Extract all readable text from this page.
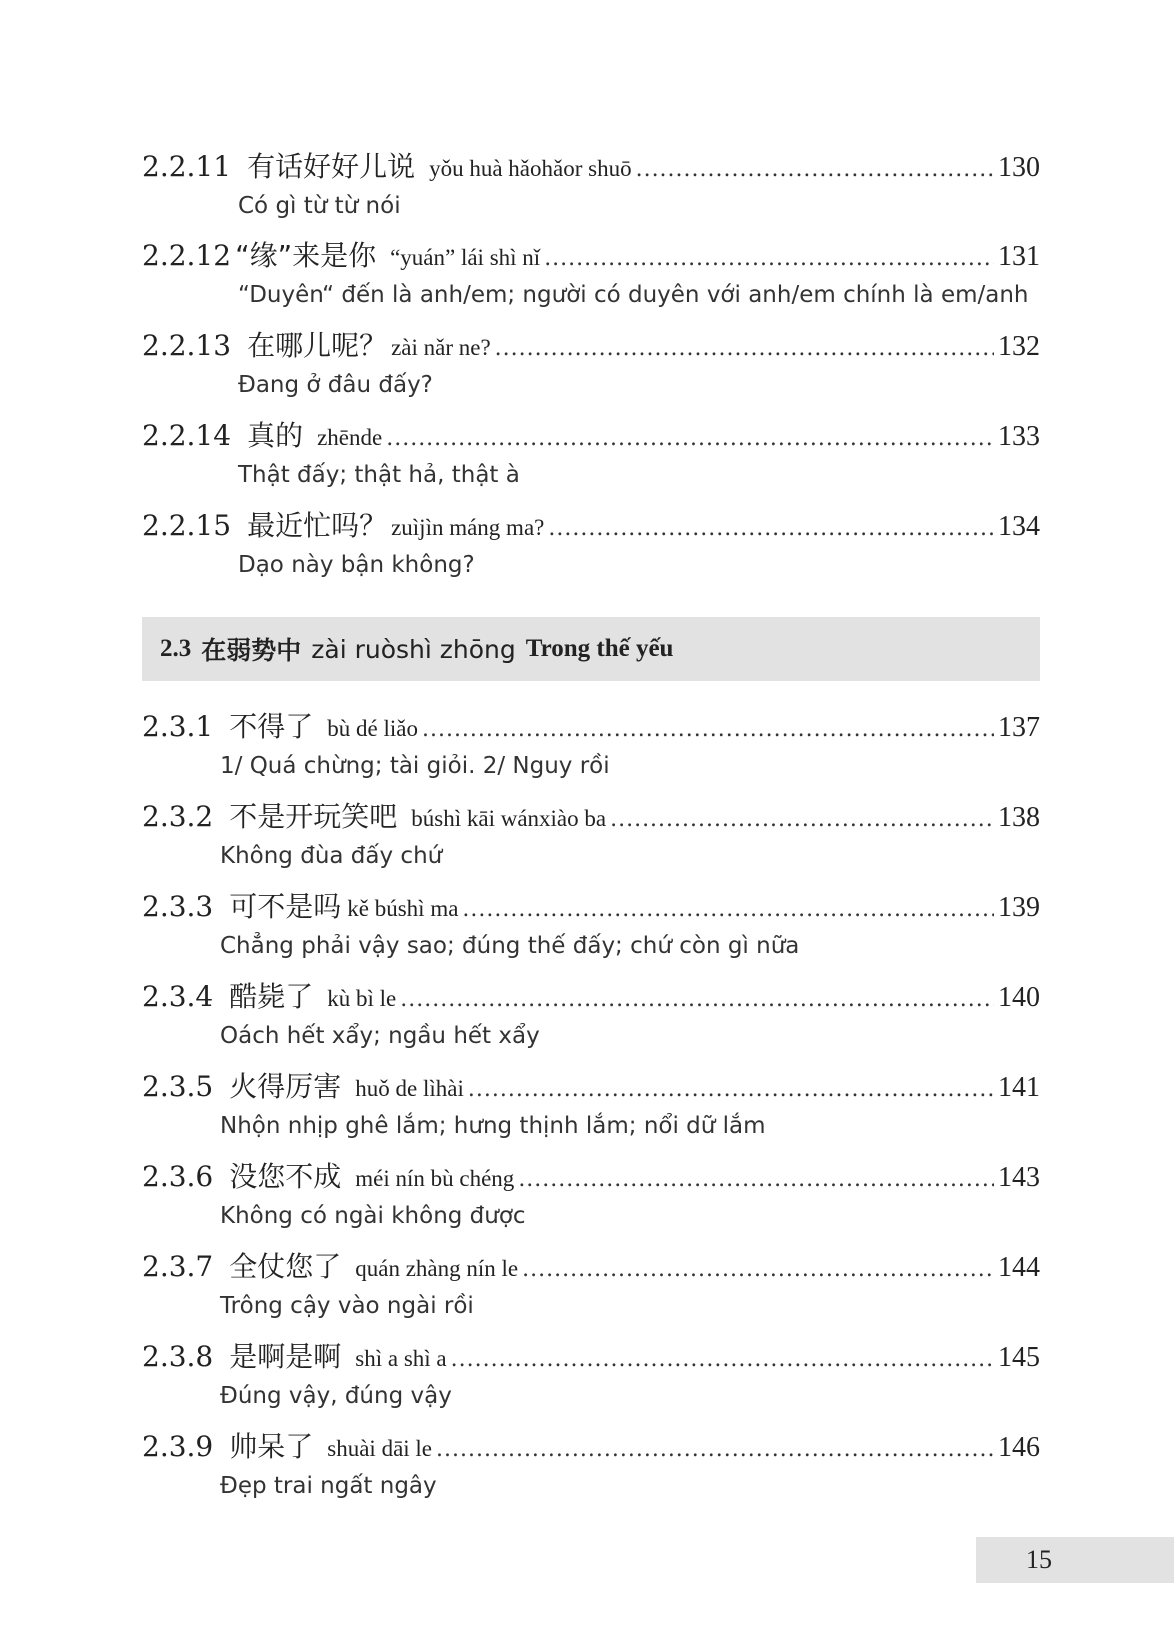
2.2.11 有话好好儿说 yǒu huà hǎohǎor shuō .....	130
Có gì từ từ nói
2.2.12 “缘”来是你 “yuán” lái shì nǐ .....	131
“Duyên“ đến là anh/em; người có duyên với anh/em chính là em/anh
2.2.13 在哪儿呢？ zài nǎr ne? .....	132
Đang ở đâu đấy?
2.2.14 真的 zhēnde .....	133
Thật đấy; thật hả, thật à
2.2.15 最近忙吗？ zuìjìn máng ma? .....	134
Dạo này bận không?
2.3 在弱势中 zài ruòshì zhōng Trong thế yếu
2.3.1 不得了 bù dé liǎo .....	137
1/ Quá chừng; tài giỏi. 2/ Nguy rồi
2.3.2 不是开玩笑吧 búshì kāi wánxiào ba .....	138
Không đùa đấy chứ
2.3.3 可不是吗 kě búshì ma .....	139
Chẳng phải vậy sao; đúng thế đấy; chứ còn gì nữa
2.3.4 酷毙了 kù bì le .....	140
Oách hết xẩy; ngầu hết xẩy
2.3.5 火得厉害 huǒ de lìhài .....	141
Nhộn nhịp ghê lắm; hưng thịnh lắm; nổi dữ lắm
2.3.6 没您不成 méi nín bù chéng .....	143
Không có ngài không được
2.3.7 全仗您了 quán zhàng nín le .....	144
Trông cậy vào ngài rồi
2.3.8 是啊是啊 shì a shì a .....	145
Đúng vậy, đúng vậy
2.3.9 帅呆了 shuài dāi le .....	146
Đẹp trai ngất ngây
15
